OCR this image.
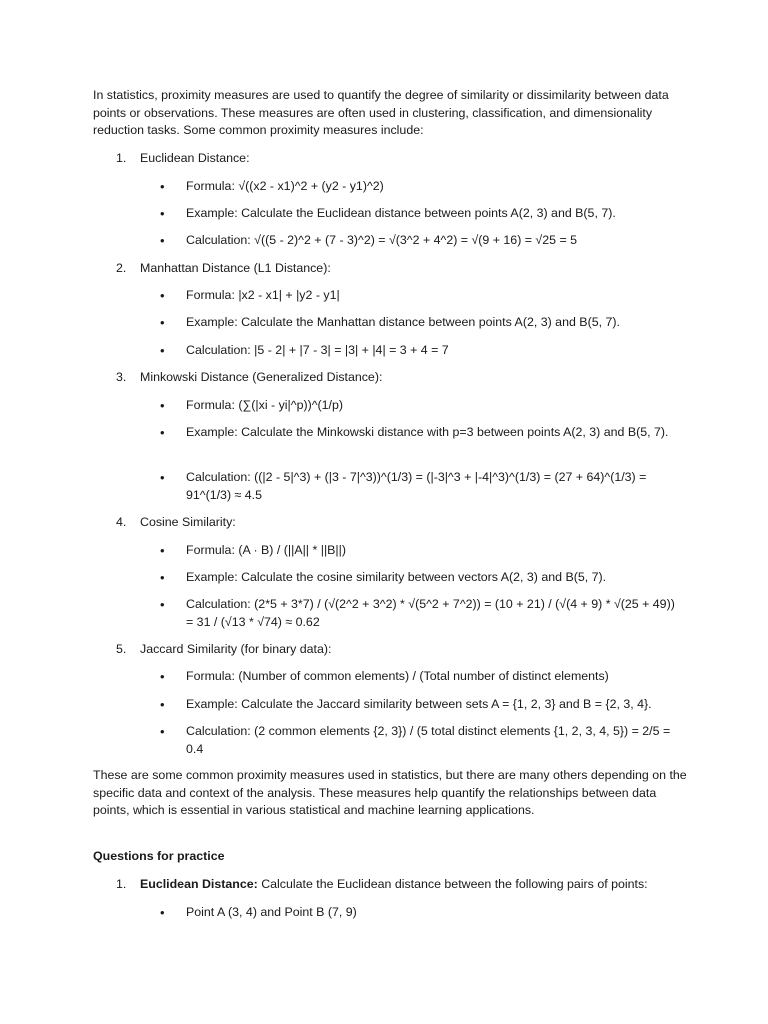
In statistics, proximity measures are used to quantify the degree of similarity or dissimilarity between data points or observations. These measures are often used in clustering, classification, and dimensionality reduction tasks. Some common proximity measures include:

1. Euclidean Distance:
• Formula: √((x2 - x1)^2 + (y2 - y1)^2)
• Example: Calculate the Euclidean distance between points A(2, 3) and B(5, 7).
• Calculation: √((5 - 2)^2 + (7 - 3)^2) = √(3^2 + 4^2) = √(9 + 16) = √25 = 5
2. Manhattan Distance (L1 Distance):
• Formula: |x2 - x1| + |y2 - y1|
• Example: Calculate the Manhattan distance between points A(2, 3) and B(5, 7).
• Calculation: |5 - 2| + |7 - 3| = |3| + |4| = 3 + 4 = 7
3. Minkowski Distance (Generalized Distance):
• Formula: (∑(|xi - yi|^p))^(1/p)
• Example: Calculate the Minkowski distance with p=3 between points A(2, 3) and B(5, 7).
• Calculation: ((|2 - 5|^3) + (|3 - 7|^3))^(1/3) = (|-3|^3 + |-4|^3)^(1/3) = (27 + 64)^(1/3) = 91^(1/3) ≈ 4.5
4. Cosine Similarity:
• Formula: (A · B) / (||A|| * ||B||)
• Example: Calculate the cosine similarity between vectors A(2, 3) and B(5, 7).
• Calculation: (2*5 + 3*7) / (√(2^2 + 3^2) * √(5^2 + 7^2)) = (10 + 21) / (√(4 + 9) * √(25 + 49)) = 31 / (√13 * √74) ≈ 0.62
5. Jaccard Similarity (for binary data):
• Formula: (Number of common elements) / (Total number of distinct elements)
• Example: Calculate the Jaccard similarity between sets A = {1, 2, 3} and B = {2, 3, 4}.
• Calculation: (2 common elements {2, 3}) / (5 total distinct elements {1, 2, 3, 4, 5}) = 2/5 = 0.4

These are some common proximity measures used in statistics, but there are many others depending on the specific data and context of the analysis. These measures help quantify the relationships between data points, which is essential in various statistical and machine learning applications.

Questions for practice

1. Euclidean Distance: Calculate the Euclidean distance between the following pairs of points:
• Point A (3, 4) and Point B (7, 9)
